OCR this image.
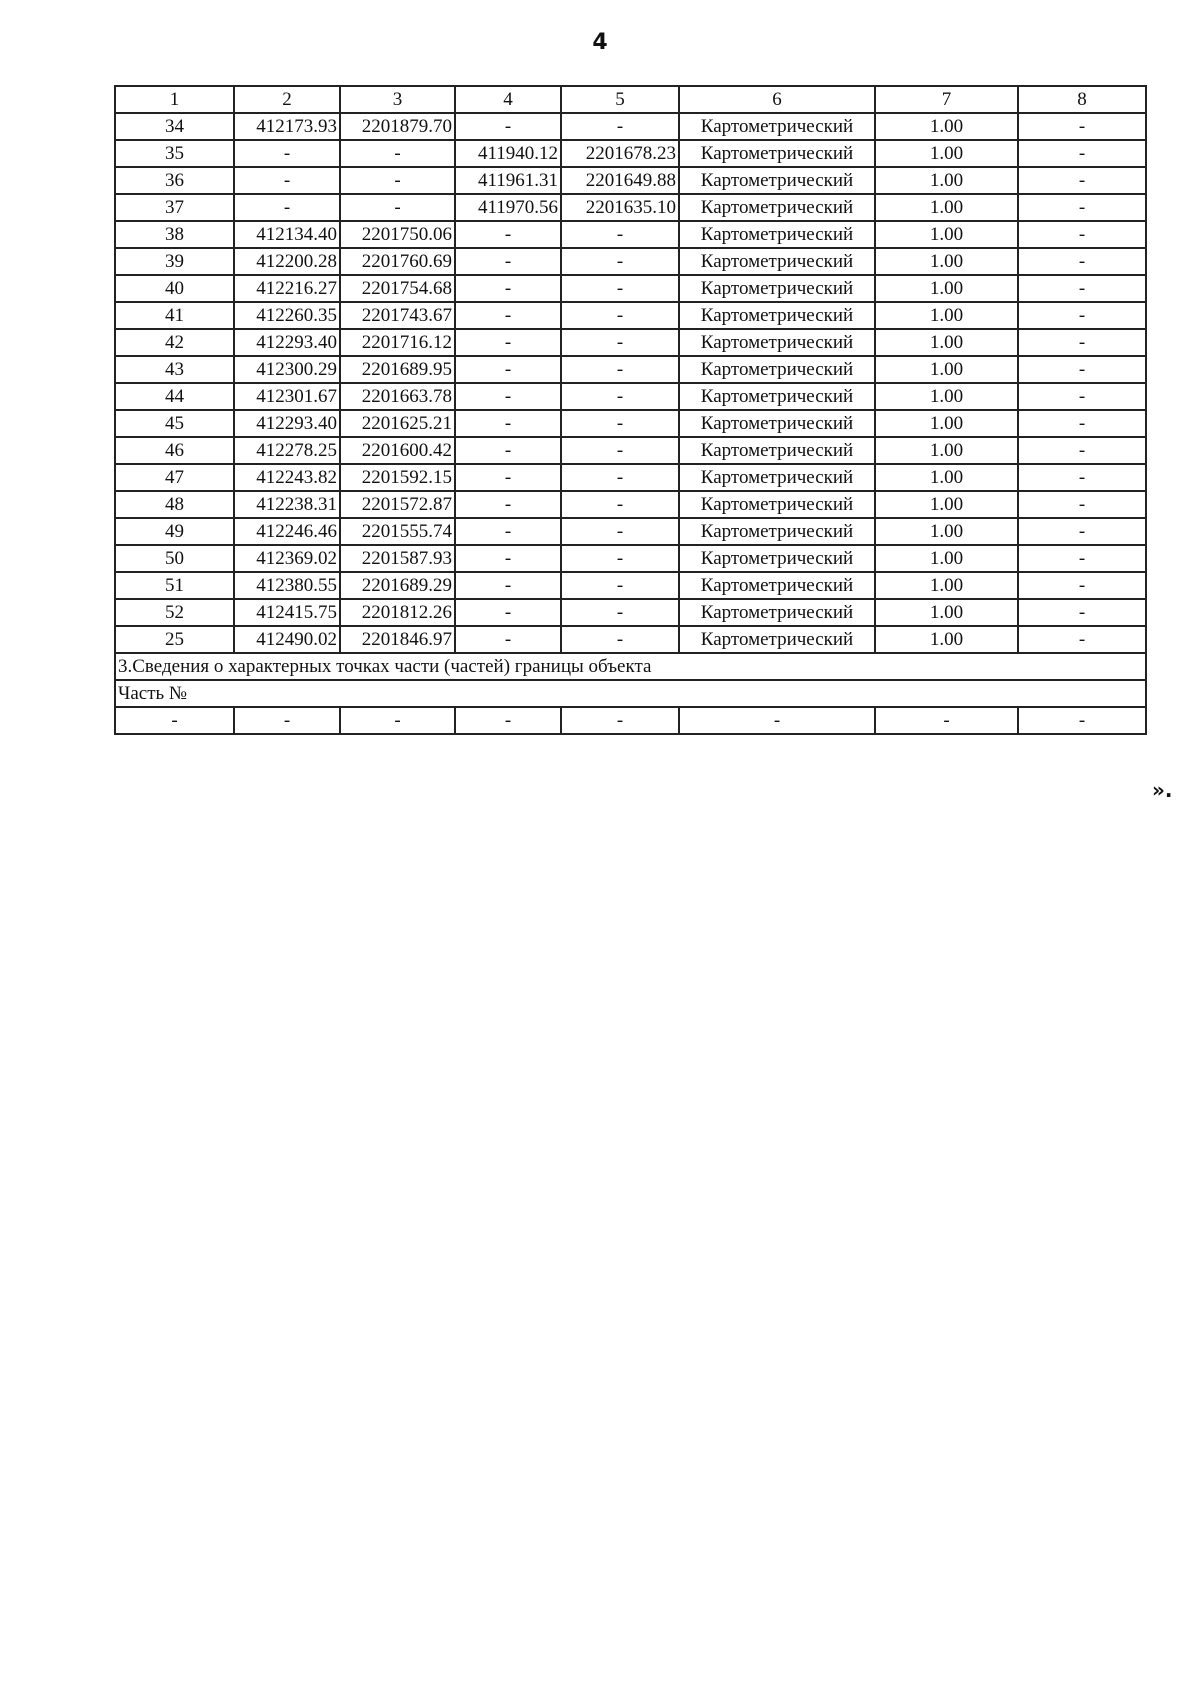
4
1	2	3	4	5	6	7	8
34	412173.93	2201879.70	-	-	Картометрический	1.00	-
35	-	-	411940.12	2201678.23	Картометрический	1.00	-
36	-	-	411961.31	2201649.88	Картометрический	1.00	-
37	-	-	411970.56	2201635.10	Картометрический	1.00	-
38	412134.40	2201750.06	-	-	Картометрический	1.00	-
39	412200.28	2201760.69	-	-	Картометрический	1.00	-
40	412216.27	2201754.68	-	-	Картометрический	1.00	-
41	412260.35	2201743.67	-	-	Картометрический	1.00	-
42	412293.40	2201716.12	-	-	Картометрический	1.00	-
43	412300.29	2201689.95	-	-	Картометрический	1.00	-
44	412301.67	2201663.78	-	-	Картометрический	1.00	-
45	412293.40	2201625.21	-	-	Картометрический	1.00	-
46	412278.25	2201600.42	-	-	Картометрический	1.00	-
47	412243.82	2201592.15	-	-	Картометрический	1.00	-
48	412238.31	2201572.87	-	-	Картометрический	1.00	-
49	412246.46	2201555.74	-	-	Картометрический	1.00	-
50	412369.02	2201587.93	-	-	Картометрический	1.00	-
51	412380.55	2201689.29	-	-	Картометрический	1.00	-
52	412415.75	2201812.26	-	-	Картометрический	1.00	-
25	412490.02	2201846.97	-	-	Картометрический	1.00	-
3.Сведения о характерных точках части (частей) границы объекта							
Часть №							
-	-	-	-	-	-	-	-
».
